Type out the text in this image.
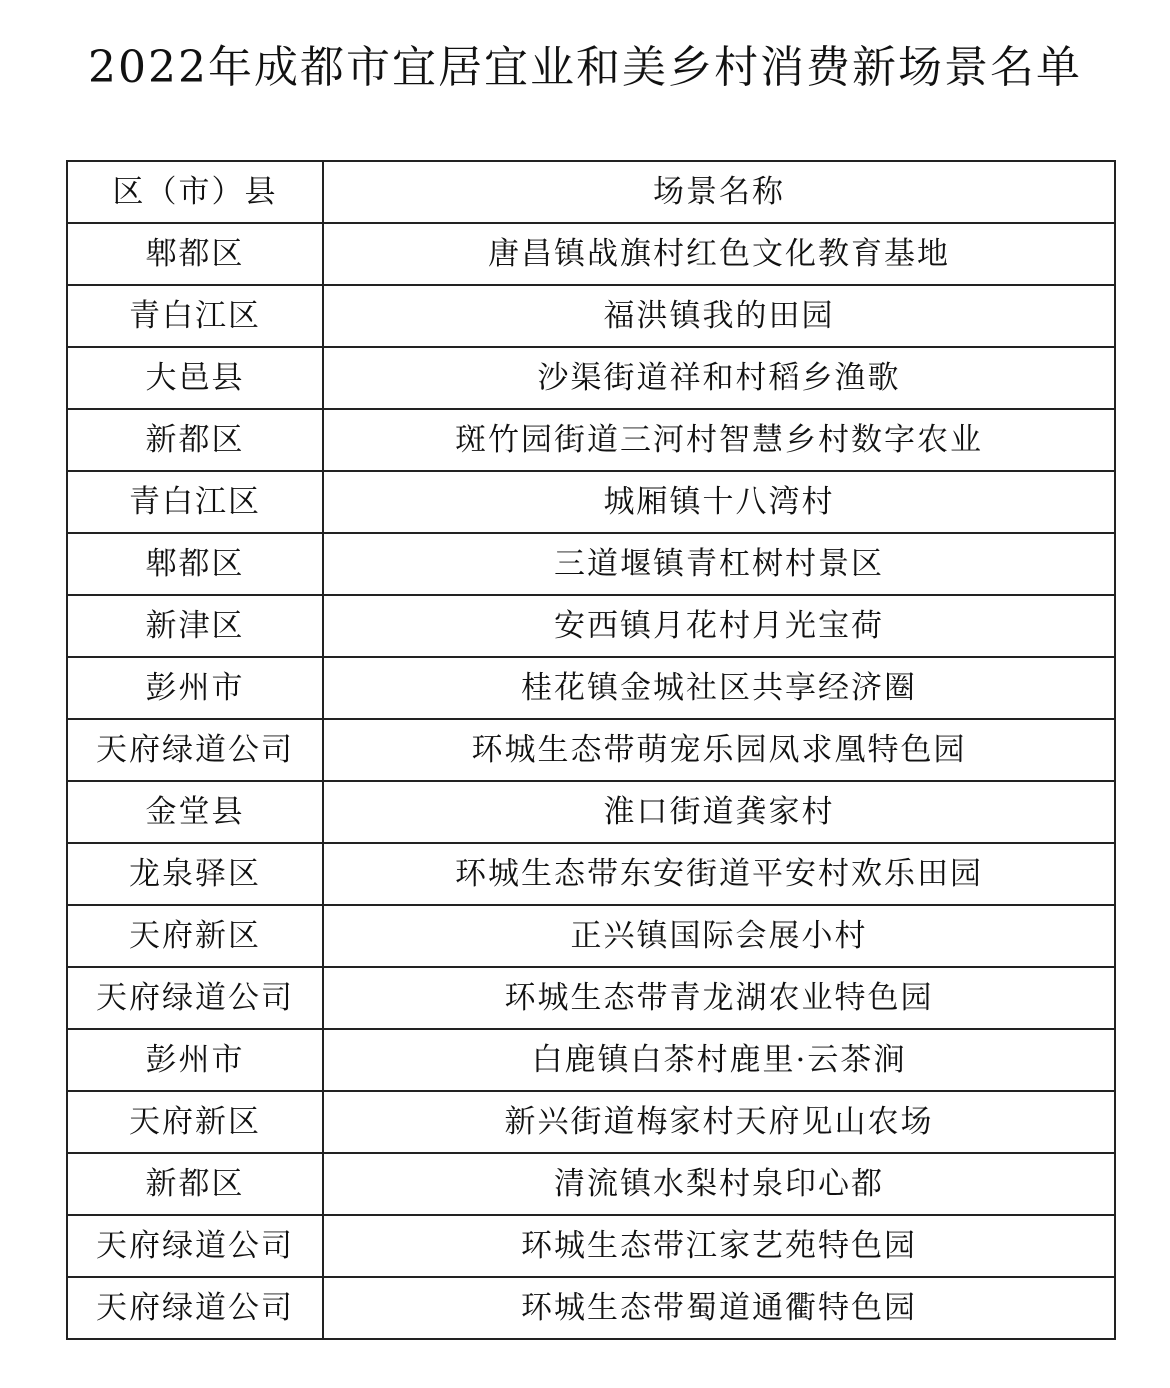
2022年成都市宜居宜业和美乡村消费新场景名单
区（市）县	场景名称
郫都区	唐昌镇战旗村红色文化教育基地
青白江区	福洪镇我的田园
大邑县	沙渠街道祥和村稻乡渔歌
新都区	斑竹园街道三河村智慧乡村数字农业
青白江区	城厢镇十八湾村
郫都区	三道堰镇青杠树村景区
新津区	安西镇月花村月光宝荷
彭州市	桂花镇金城社区共享经济圈
天府绿道公司	环城生态带萌宠乐园凤求凰特色园
金堂县	淮口街道龚家村
龙泉驿区	环城生态带东安街道平安村欢乐田园
天府新区	正兴镇国际会展小村
天府绿道公司	环城生态带青龙湖农业特色园
彭州市	白鹿镇白茶村鹿里·云茶涧
天府新区	新兴街道梅家村天府见山农场
新都区	清流镇水梨村泉印心都
天府绿道公司	环城生态带江家艺苑特色园
天府绿道公司	环城生态带蜀道通衢特色园
